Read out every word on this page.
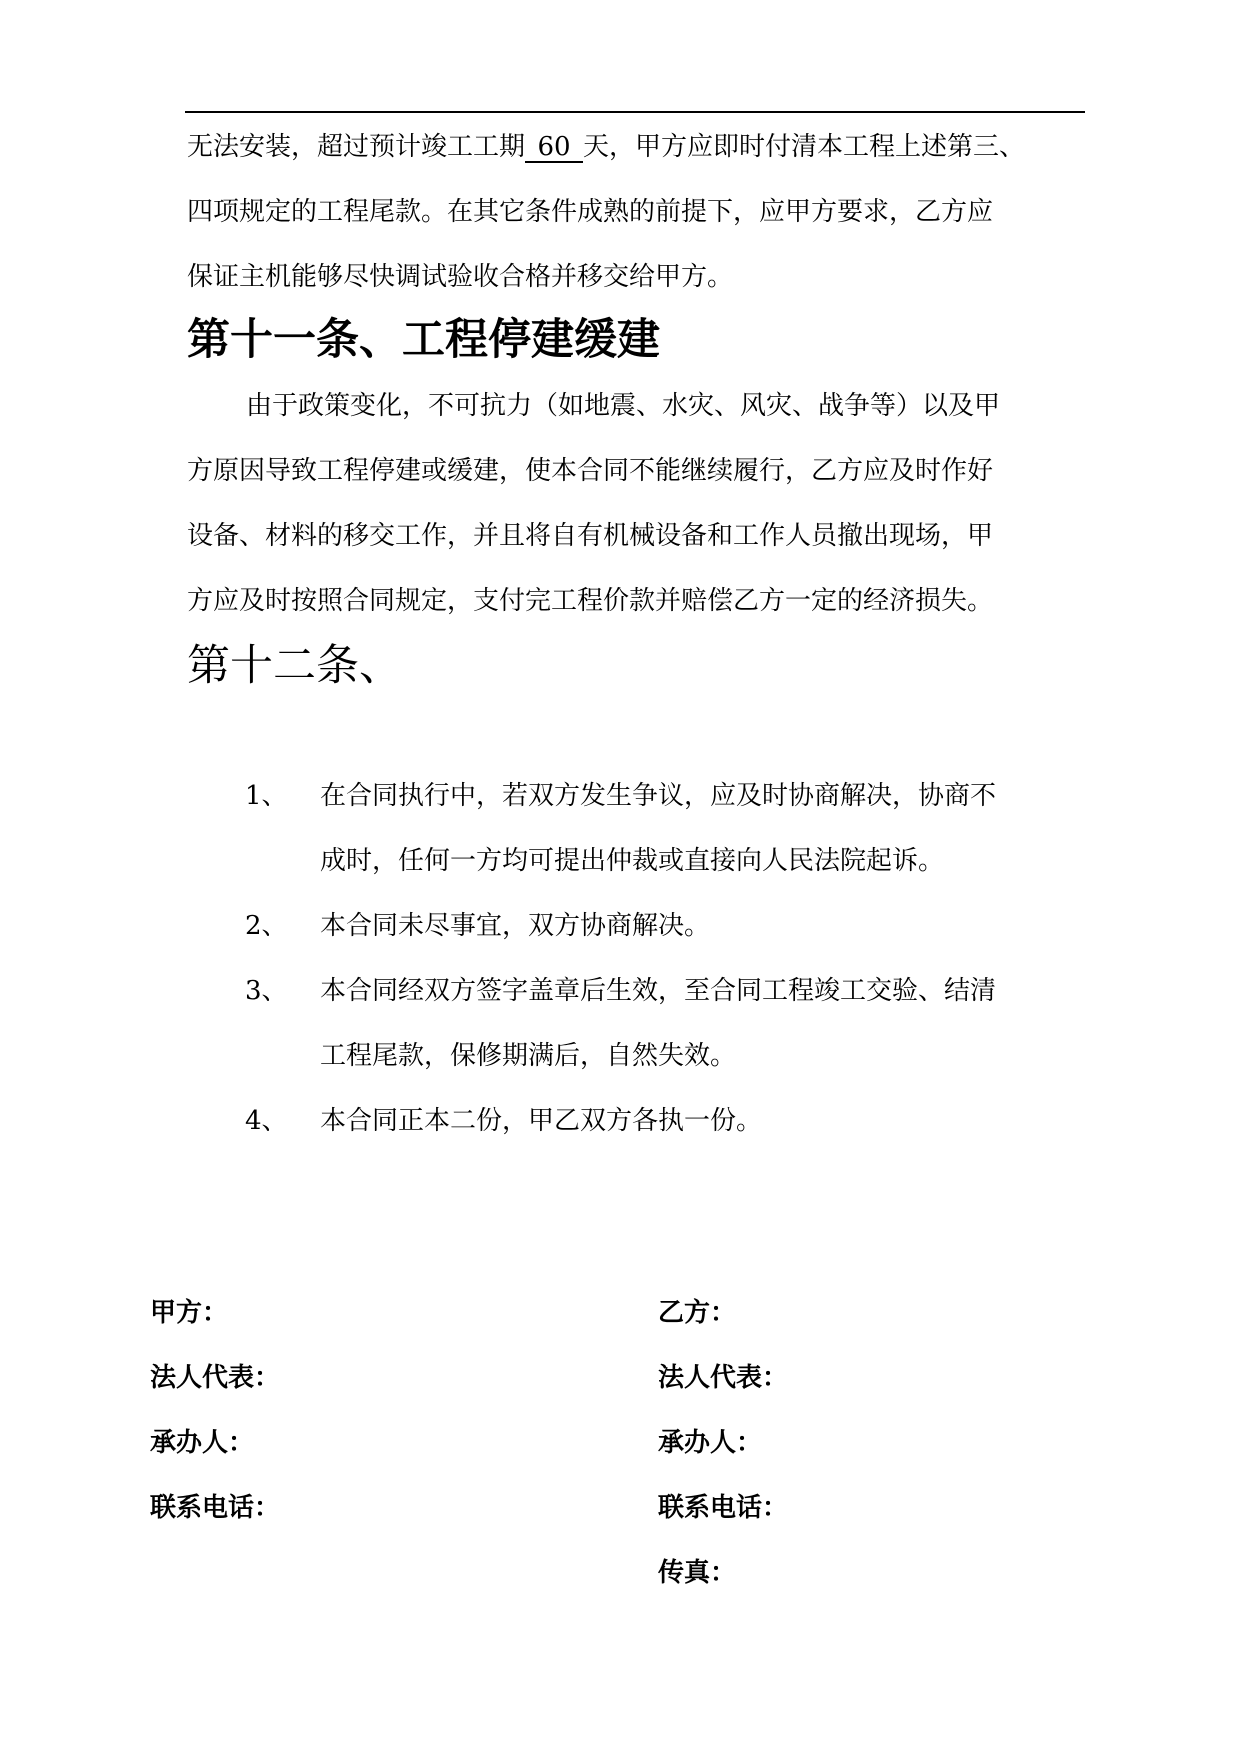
无法安装，超过预计竣工工期 60 天，甲方应即时付清本工程上述第三、
四项规定的工程尾款。在其它条件成熟的前提下，应甲方要求，乙方应
保证主机能够尽快调试验收合格并移交给甲方。
第十一条、工程停建缓建
由于政策变化，不可抗力（如地震、水灾、风灾、战争等）以及甲
方原因导致工程停建或缓建，使本合同不能继续履行，乙方应及时作好
设备、材料的移交工作，并且将自有机械设备和工作人员撤出现场，甲
方应及时按照合同规定，支付完工程价款并赔偿乙方一定的经济损失。
第十二条、
1、 在合同执行中，若双方发生争议，应及时协商解决，协商不
成时，任何一方均可提出仲裁或直接向人民法院起诉。
2、 本合同未尽事宜，双方协商解决。
3、 本合同经双方签字盖章后生效，至合同工程竣工交验、结清
工程尾款，保修期满后，自然失效。
4、 本合同正本二份，甲乙双方各执一份。
甲方：
法人代表：
承办人：
联系电话：
乙方：
法人代表：
承办人：
联系电话：
传真：
